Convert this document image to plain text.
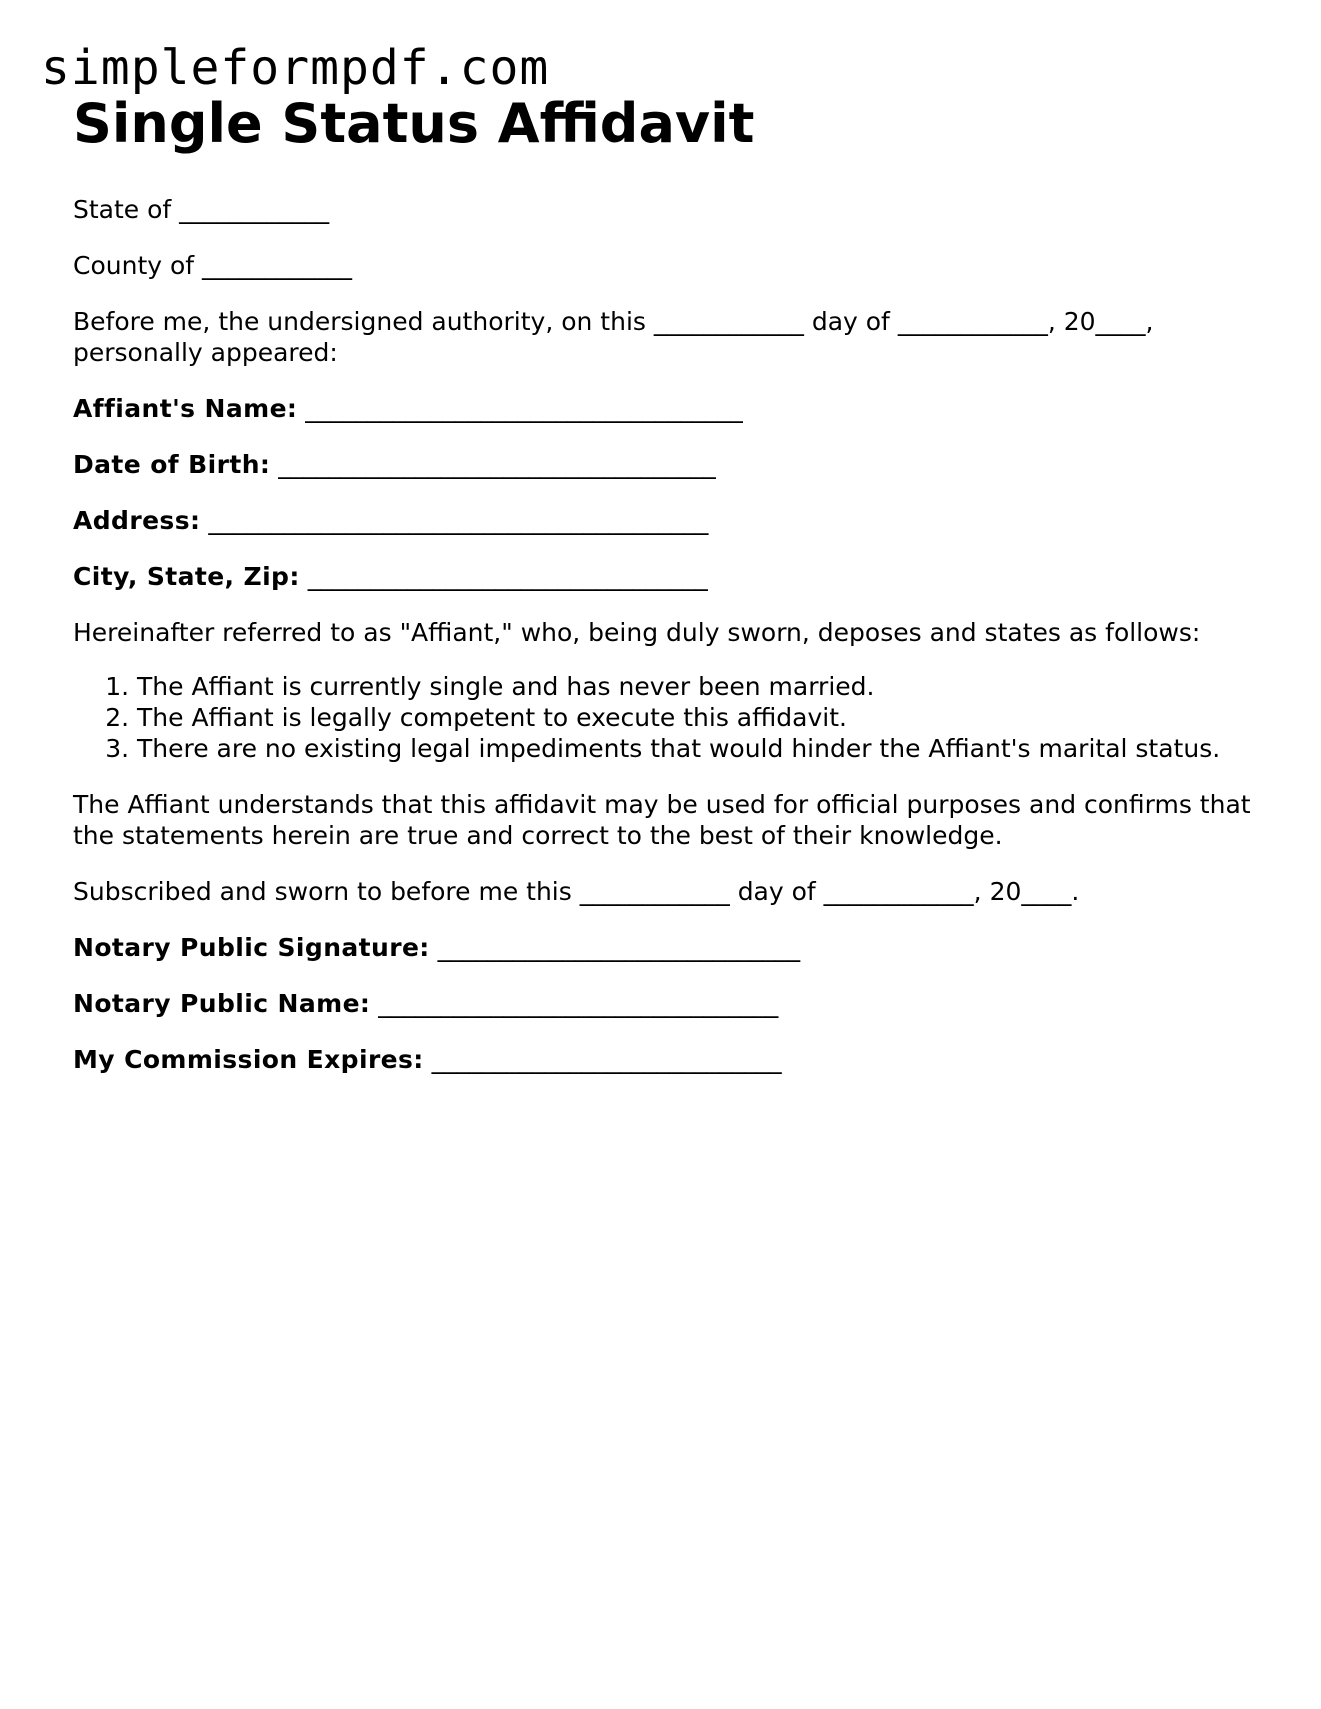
simpleformpdf.com
Single Status Affidavit

State of ____________

County of ____________

Before me, the undersigned authority, on this ____________ day of ____________, 20____, personally appeared:

Affiant's Name: ___________________________________

Date of Birth: ___________________________________

Address: ________________________________________

City, State, Zip: ________________________________

Hereinafter referred to as "Affiant," who, being duly sworn, deposes and states as follows:

1. The Affiant is currently single and has never been married.
2. The Affiant is legally competent to execute this affidavit.
3. There are no existing legal impediments that would hinder the Affiant's marital status.

The Affiant understands that this affidavit may be used for official purposes and confirms that the statements herein are true and correct to the best of their knowledge.

Subscribed and sworn to before me this ____________ day of ____________, 20____.

Notary Public Signature: _____________________________

Notary Public Name: ________________________________

My Commission Expires: ____________________________
